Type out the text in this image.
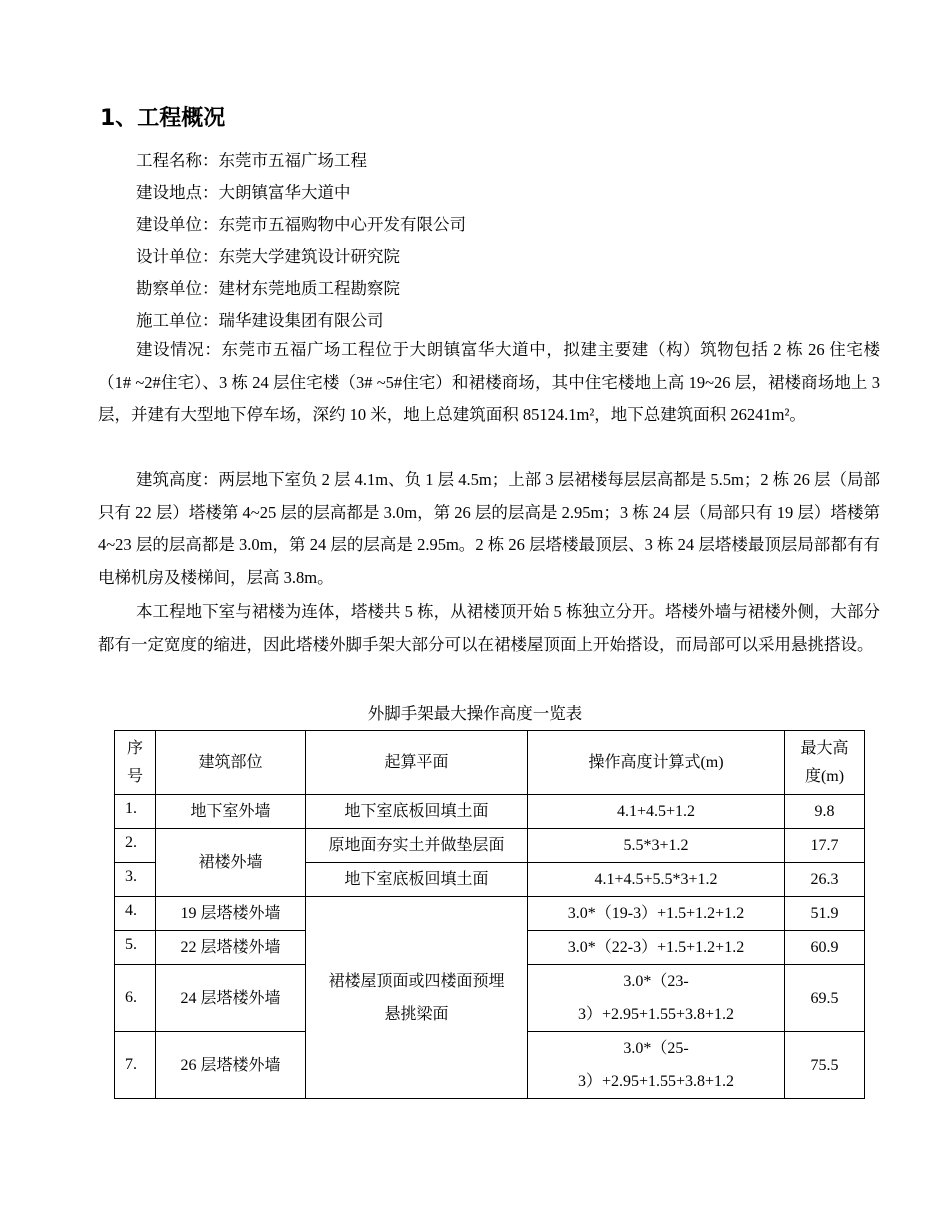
1、工程概况
工程名称：东莞市五福广场工程
建设地点：大朗镇富华大道中
建设单位：东莞市五福购物中心开发有限公司
设计单位：东莞大学建筑设计研究院
勘察单位：建材东莞地质工程勘察院
施工单位：瑞华建设集团有限公司

建设情况：东莞市五福广场工程位于大朗镇富华大道中，拟建主要建（构）筑物包括 2 栋 26 住宅楼（1# ~2#住宅）、3 栋 24 层住宅楼（3# ~5#住宅）和裙楼商场，其中住宅楼地上高 19~26 层，裙楼商场地上 3 层，并建有大型地下停车场，深约 10 米，地上总建筑面积 85124.1m²，地下总建筑面积 26241m²。

建筑高度：两层地下室负 2 层 4.1m、负 1 层 4.5m；上部 3 层裙楼每层层高都是 5.5m；2 栋 26 层（局部只有 22 层）塔楼第 4~25 层的层高都是 3.0m，第 26 层的层高是 2.95m；3 栋 24 层（局部只有 19 层）塔楼第 4~23 层的层高都是 3.0m，第 24 层的层高是 2.95m。2 栋 26 层塔楼最顶层、3 栋 24 层塔楼最顶层局部都有有电梯机房及楼梯间，层高 3.8m。

本工程地下室与裙楼为连体，塔楼共 5 栋，从裙楼顶开始 5 栋独立分开。塔楼外墙与裙楼外侧，大部分都有一定宽度的缩进，因此塔楼外脚手架大部分可以在裙楼屋顶面上开始搭设，而局部可以采用悬挑搭设。

外脚手架最大操作高度一览表
序
号	建筑部位	起算平面	操作高度计算式(m)	最大高
度(m)
1.	地下室外墙	地下室底板回填土面	4.1+4.5+1.2	9.8
2.	裙楼外墙	原地面夯实土并做垫层面	5.5*3+1.2	17.7
3.		地下室底板回填土面	4.1+4.5+5.5*3+1.2	26.3
4.	19 层塔楼外墙	裙楼屋顶面或四楼面预埋
悬挑梁面	3.0*（19-3）+1.5+1.2+1.2	51.9
5.	22 层塔楼外墙		3.0*（22-3）+1.5+1.2+1.2	60.9
6.	24 层塔楼外墙		3.0*（23-
3）+2.95+1.55+3.8+1.2	69.5
7.	26 层塔楼外墙		3.0*（25-
3）+2.95+1.55+3.8+1.2	75.5
